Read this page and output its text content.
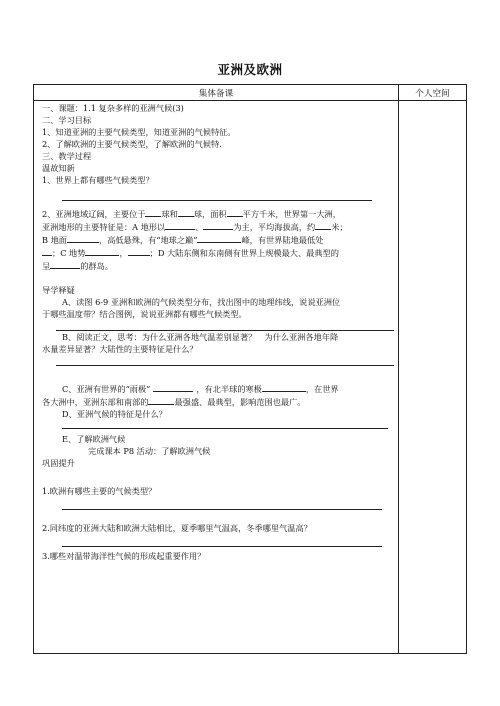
亚洲及欧洲
集体备课	个人空间

一、课题：1.1 复杂多样的亚洲气候(3)

二、学习目标

1、知道亚洲的主要气候类型，知道亚洲的气候特征。

2、了解欧洲的主要气候类型，了解欧洲的气候特.

三、教学过程

温故知新

1、世界上都有哪些气候类型？

2、亚洲地域辽阔，主要位于 球和 球，面积 平方千米，世界第一大洲，

亚洲地形的主要特征是：A 地形以	、	为主，平均海拔高，约 米；

B 地面	，高低悬殊，有“地球之巅”	峰，有世界陆地最低处

；C 地势	，	；D 大陆东侧和东南侧有世界上规模最大、最典型的

呈	的群岛。

导学释疑

A、读图 6-9 亚洲和欧洲的气候类型分布，找出图中的地理纬线，说说亚洲位

于哪些温度带？结合图例，说说亚洲都有哪些气候类型。

B、阅读正文，思考：为什么亚洲各地气温差别显著？　为什么亚洲各地年降

水量差异显著？大陆性的主要特征是什么？

C、亚洲有世界的“雨极”	，有北半球的寒极	，在世界

各大洲中，亚洲东部和南部的	最强盛、最典型，影响范围也最广。

D、亚洲气候的特征是什么？

E、了解欧洲气候

完成课本 P8 活动：了解欧洲气候

巩固提升

1.欧洲有哪些主要的气候类型？

2.同纬度的亚洲大陆和欧洲大陆相比，夏季哪里气温高，冬季哪里气温高？

3.哪些对温带海洋性气候的形成起重要作用？
